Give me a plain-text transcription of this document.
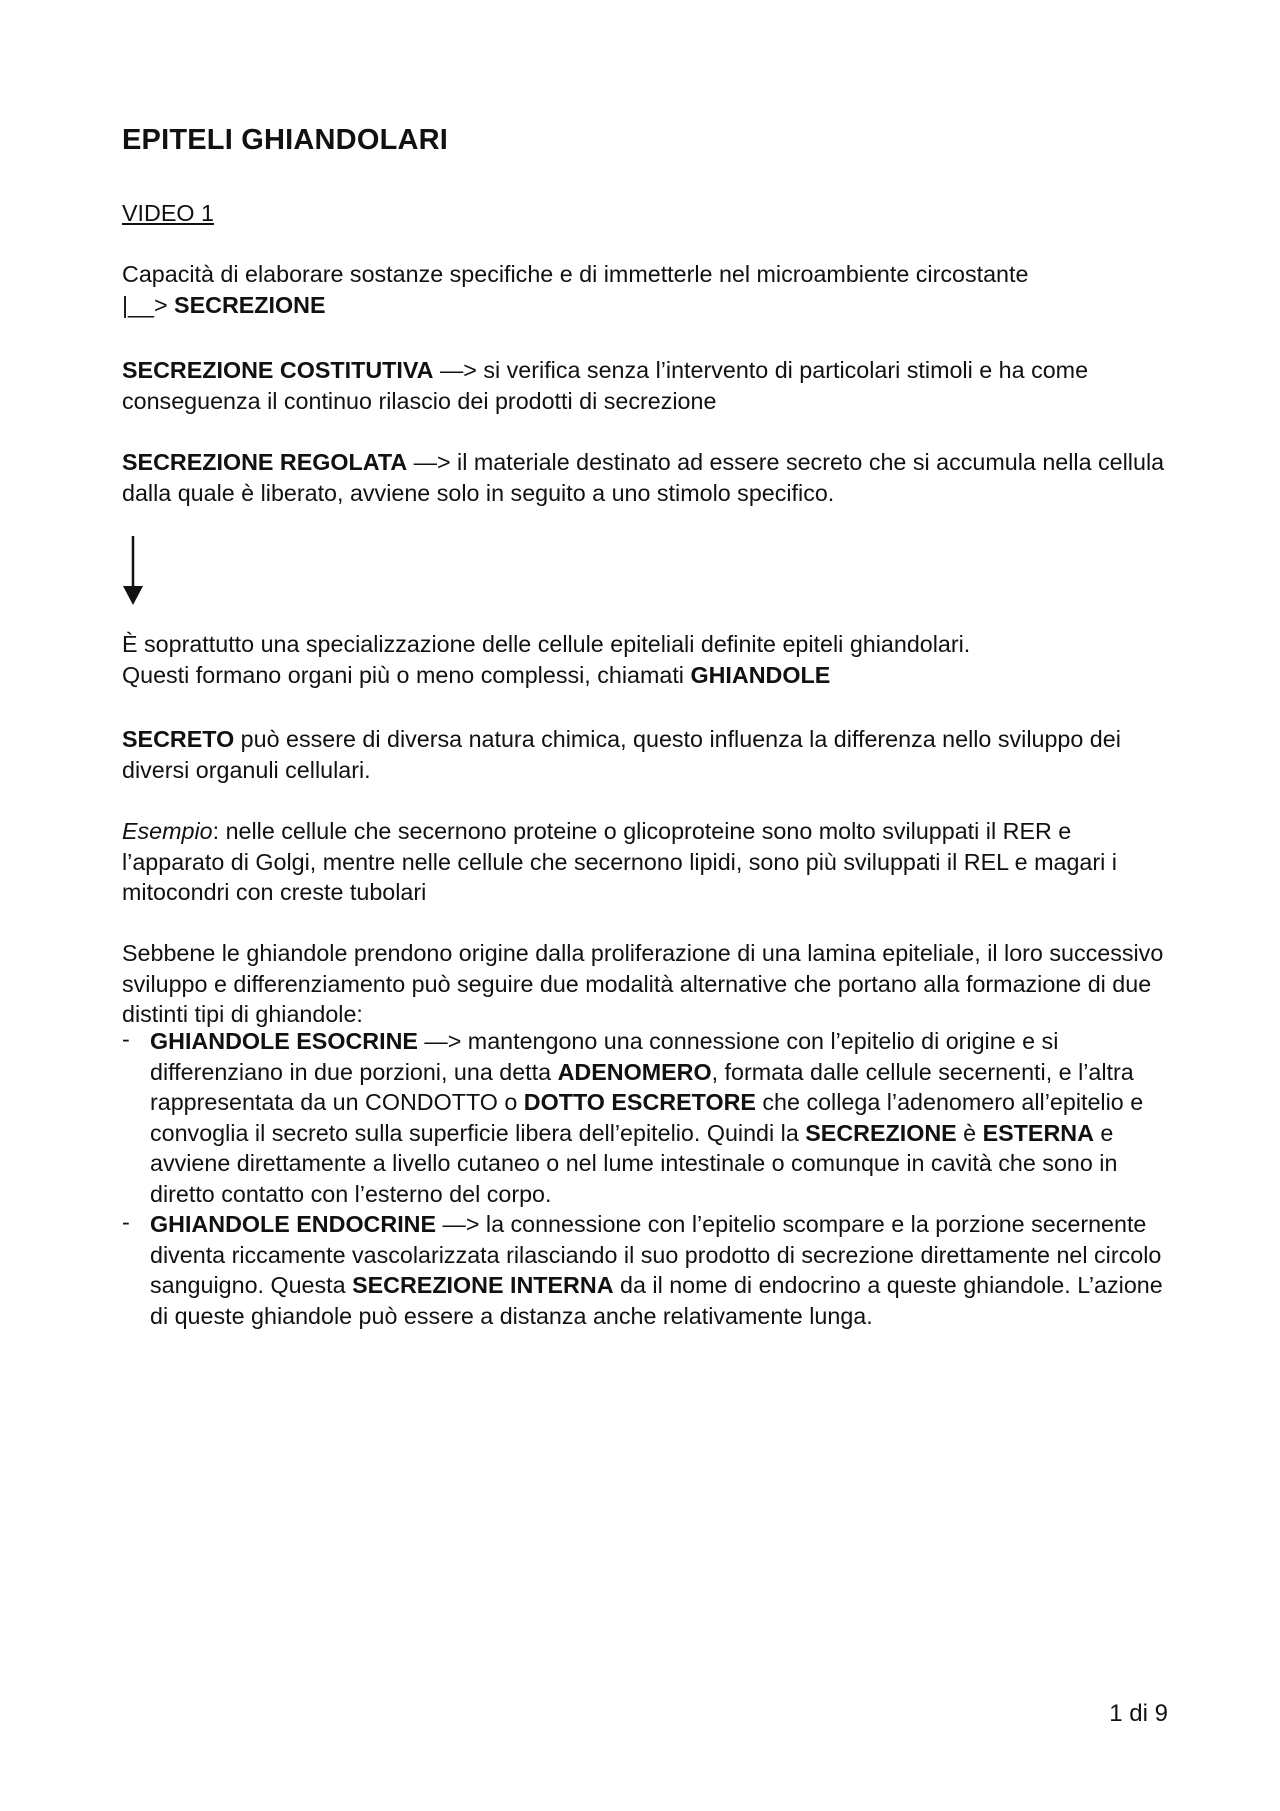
EPITELI GHIANDOLARI

VIDEO 1

Capacità di elaborare sostanze specifiche e di immetterle nel microambiente circostante
|__> SECREZIONE

SECREZIONE COSTITUTIVA —> si verifica senza l’intervento di particolari stimoli e ha come conseguenza il continuo rilascio dei prodotti di secrezione

SECREZIONE REGOLATA —> il materiale destinato ad essere secreto che si accumula nella cellula dalla quale è liberato, avviene solo in seguito a uno stimolo specifico.

È soprattutto una specializzazione delle cellule epiteliali definite epiteli ghiandolari.
Questi formano organi più o meno complessi, chiamati GHIANDOLE

SECRETO può essere di diversa natura chimica, questo influenza la differenza nello sviluppo dei diversi organuli cellulari.

Esempio: nelle cellule che secernono proteine o glicoproteine sono molto sviluppati il RER e l’apparato di Golgi, mentre nelle cellule che secernono lipidi, sono più sviluppati il REL e magari i mitocondri con creste tubolari

Sebbene le ghiandole prendono origine dalla proliferazione di una lamina epiteliale, il loro successivo sviluppo e differenziamento può seguire due modalità alternative che portano alla formazione di due distinti tipi di ghiandole:

- GHIANDOLE ESOCRINE —> mantengono una connessione con l’epitelio di origine e si differenziano in due porzioni, una detta ADENOMERO, formata dalle cellule secernenti, e l’altra rappresentata da un CONDOTTO o DOTTO ESCRETORE che collega l’adenomero all’epitelio e convoglia il secreto sulla superficie libera dell’epitelio. Quindi la SECREZIONE è ESTERNA e avviene direttamente a livello cutaneo o nel lume intestinale o comunque in cavità che sono in diretto contatto con l’esterno del corpo.
- GHIANDOLE ENDOCRINE —> la connessione con l’epitelio scompare e la porzione secernente diventa riccamente vascolarizzata rilasciando il suo prodotto di secrezione direttamente nel circolo sanguigno. Questa SECREZIONE INTERNA da il nome di endocrino a queste ghiandole. L’azione di queste ghiandole può essere a distanza anche relativamente lunga.
1 di 9
